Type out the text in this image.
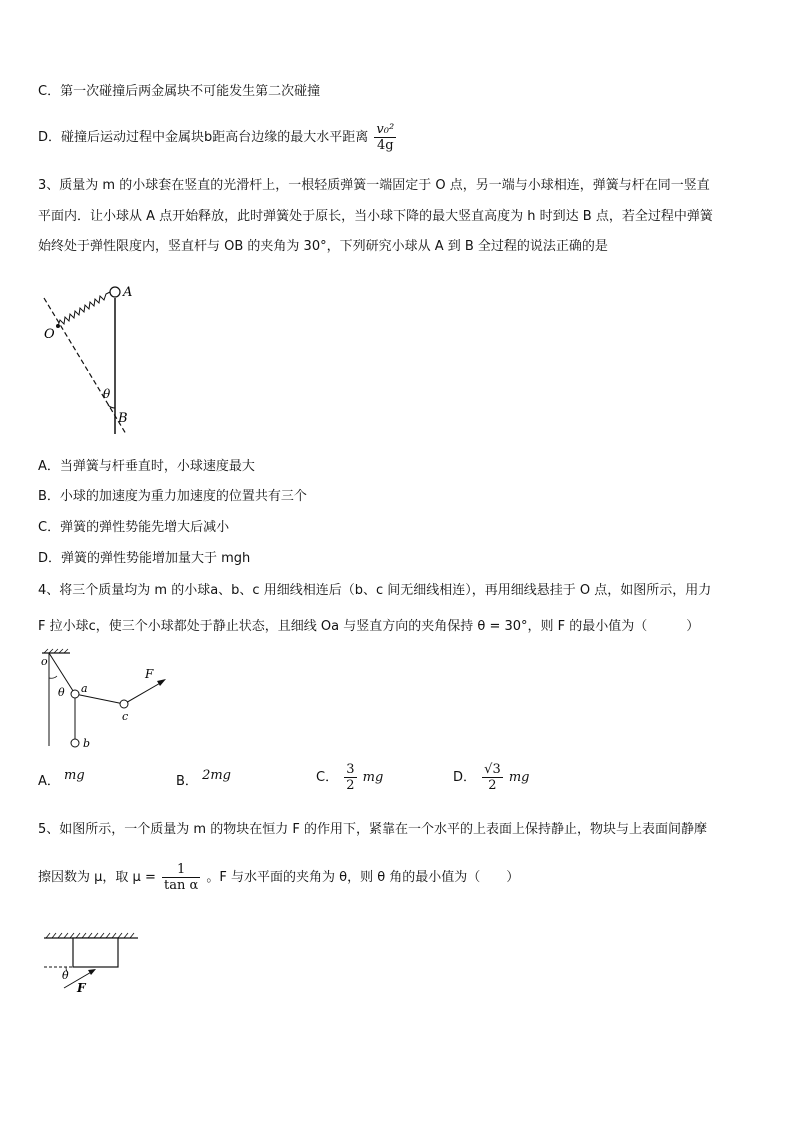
C．第一次碰撞后两金属块不可能发生第二次碰撞
D．碰撞后运动过程中金属块b距高台边缘的最大水平距离 $\frac{\text{v₀²}}{4g}$
3、质量为 m 的小球套在竖直的光滑杆上，一根轻质弹簧一端固定于 O 点，另一端与小球相连，弹簧与杆在同一竖直
平面内．让小球从 A 点开始释放，此时弹簧处于原长，当小球下降的最大竖直高度为 h 时到达 B 点，若全过程中弹簧
始终处于弹性限度内，竖直杆与 OB 的夹角为 30°，下列研究小球从 A 到 B 全过程的说法正确的是
A
O
θ
B
A．当弹簧与杆垂直时，小球速度最大
B．小球的加速度为重力加速度的位置共有三个
C．弹簧的弹性势能先增大后减小
D．弹簧的弹性势能增加量大于 mgh
4、将三个质量均为 m 的小球a、b、c 用细线相连后（b、c 间无细线相连），再用细线悬挂于 O 点，如图所示，用力
F 拉小球c，使三个小球都处于静止状态，且细线 Oa 与竖直方向的夹角保持 θ = 30°，则 F 的最小值为（　　　）
o
θ a
b
c
F
A． mg	B． 2mg	C． $\frac{3}{2}$ mg	D． $\frac{√3}{2}$ mg
5、如图所示，一个质量为 m 的物块在恒力 F 的作用下，紧靠在一个水平的上表面上保持静止，物块与上表面间静摩
擦因数为 μ，取 $\mu = \frac{1}{\text{tan α}}$ 。F 与水平面的夹角为 θ，则 θ 角的最小值为（　　）
θ
F
